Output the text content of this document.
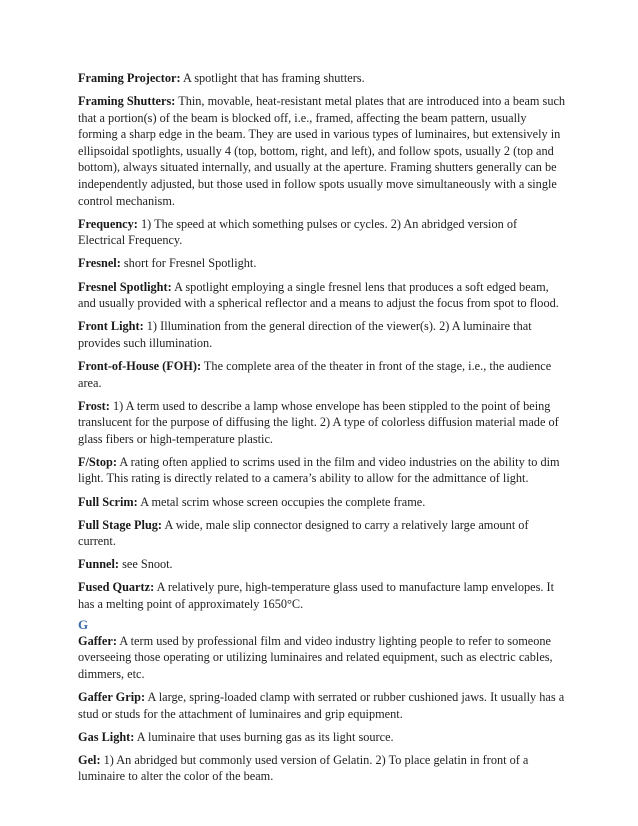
Framing Projector: A spotlight that has framing shutters.

Framing Shutters: Thin, movable, heat-resistant metal plates that are introduced into a beam such that a portion(s) of the beam is blocked off, i.e., framed, affecting the beam pattern, usually forming a sharp edge in the beam. They are used in various types of luminaires, but extensively in ellipsoidal spotlights, usually 4 (top, bottom, right, and left), and follow spots, usually 2 (top and bottom), always situated internally, and usually at the aperture. Framing shutters generally can be independently adjusted, but those used in follow spots usually move simultaneously with a single control mechanism.

Frequency: 1) The speed at which something pulses or cycles. 2) An abridged version of Electrical Frequency.

Fresnel: short for Fresnel Spotlight.

Fresnel Spotlight: A spotlight employing a single fresnel lens that produces a soft edged beam, and usually provided with a spherical reflector and a means to adjust the focus from spot to flood.

Front Light: 1) Illumination from the general direction of the viewer(s). 2) A luminaire that provides such illumination.

Front-of-House (FOH): The complete area of the theater in front of the stage, i.e., the audience area.

Frost: 1) A term used to describe a lamp whose envelope has been stippled to the point of being translucent for the purpose of diffusing the light. 2) A type of colorless diffusion material made of glass fibers or high-temperature plastic.

F/Stop: A rating often applied to scrims used in the film and video industries on the ability to dim light. This rating is directly related to a camera’s ability to allow for the admittance of light.

Full Scrim: A metal scrim whose screen occupies the complete frame.

Full Stage Plug: A wide, male slip connector designed to carry a relatively large amount of current.

Funnel: see Snoot.

Fused Quartz: A relatively pure, high-temperature glass used to manufacture lamp envelopes. It has a melting point of approximately 1650°C.

G

Gaffer: A term used by professional film and video industry lighting people to refer to someone overseeing those operating or utilizing luminaires and related equipment, such as electric cables, dimmers, etc.

Gaffer Grip: A large, spring-loaded clamp with serrated or rubber cushioned jaws. It usually has a stud or studs for the attachment of luminaires and grip equipment.

Gas Light: A luminaire that uses burning gas as its light source.

Gel: 1) An abridged but commonly used version of Gelatin. 2) To place gelatin in front of a luminaire to alter the color of the beam.
